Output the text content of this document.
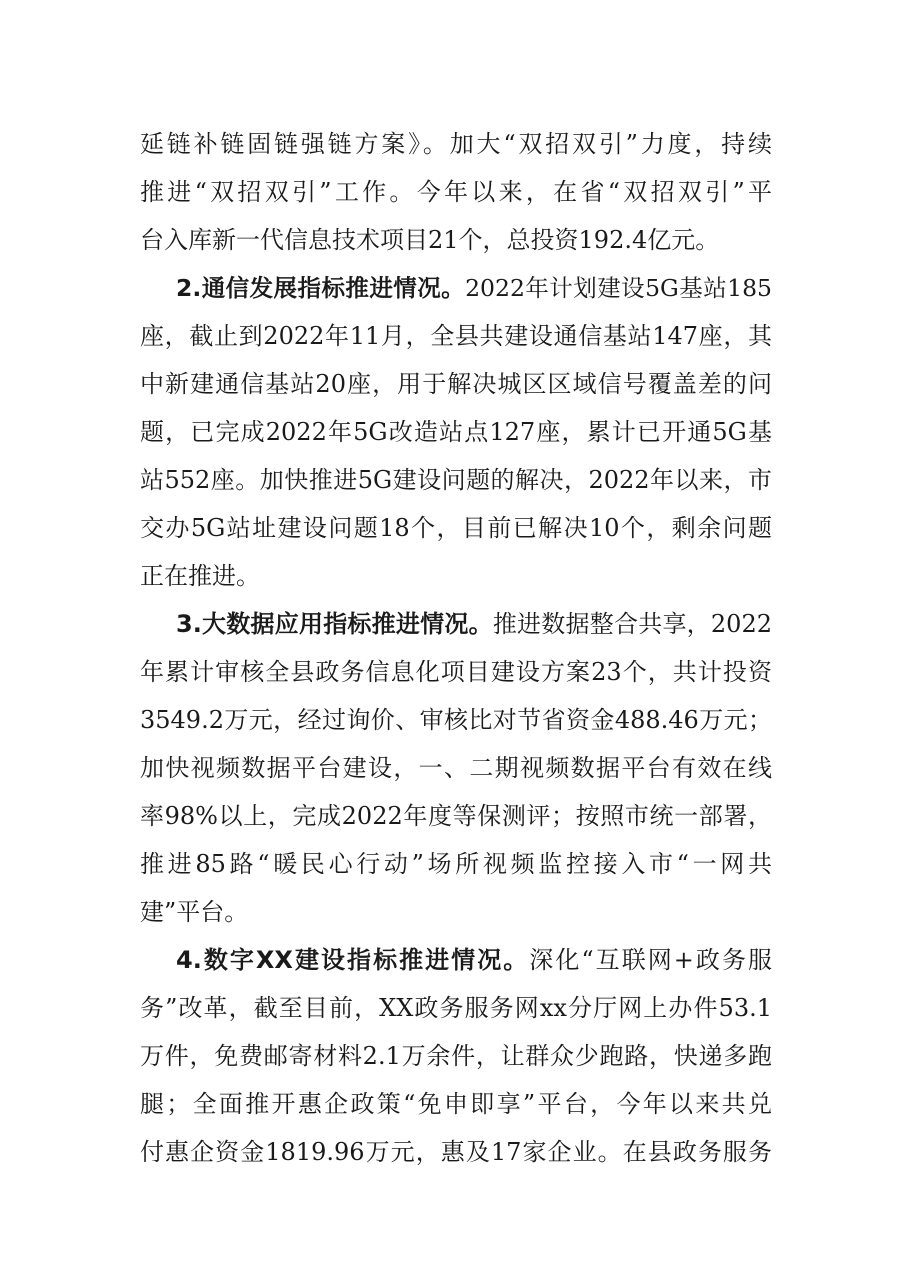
延链补链固链强链方案》。加大“双招双引”力度，持续
推进“双招双引”工作。今年以来，在省“双招双引”平
台入库新一代信息技术项目21个，总投资192.4亿元。
2.通信发展指标推进情况。2022年计划建设5G基站185
座，截止到2022年11月，全县共建设通信基站147座，其
中新建通信基站20座，用于解决城区区域信号覆盖差的问
题，已完成2022年5G改造站点127座，累计已开通5G基
站552座。加快推进5G建设问题的解决，2022年以来，市
交办5G站址建设问题18个，目前已解决10个，剩余问题
正在推进。
3.大数据应用指标推进情况。推进数据整合共享，2022
年累计审核全县政务信息化项目建设方案23个，共计投资
3549.2万元，经过询价、审核比对节省资金488.46万元；
加快视频数据平台建设，一、二期视频数据平台有效在线
率98%以上，完成2022年度等保测评；按照市统一部署，
推进85路“暖民心行动”场所视频监控接入市“一网共
建”平台。
4.数字XX建设指标推进情况。深化“互联网+政务服
务”改革，截至目前，XX政务服务网xx分厅网上办件53.1
万件，免费邮寄材料2.1万余件，让群众少跑路，快递多跑
腿；全面推开惠企政策“免申即享”平台，今年以来共兑
付惠企资金1819.96万元，惠及17家企业。在县政务服务
